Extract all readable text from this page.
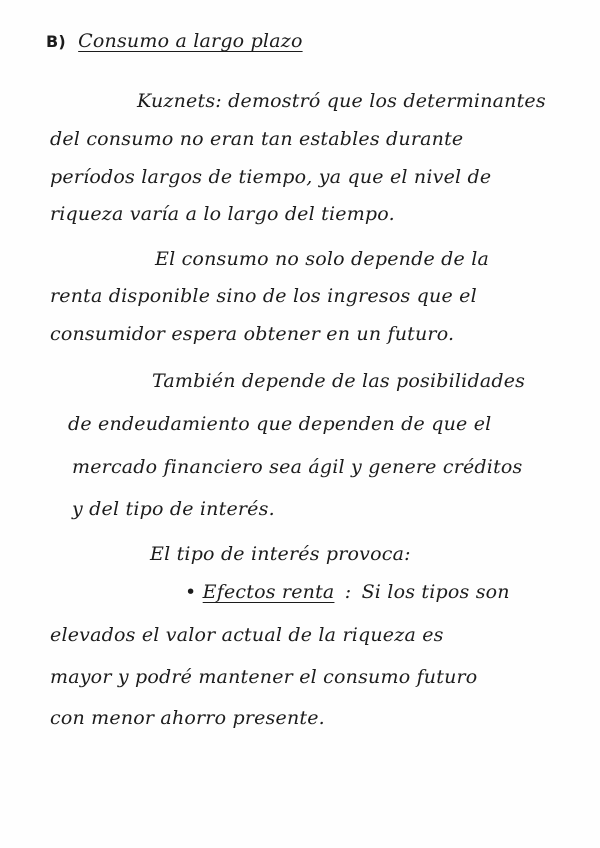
B) Consumo a largo plazo
Kuznets: demostró que los determinantes
del consumo no eran tan estables durante
períodos largos de tiempo, ya que el nivel de
riqueza varía a lo largo del tiempo.
El consumo no solo depende de la
renta disponible sino de los ingresos que el
consumidor espera obtener en un futuro.
También depende de las posibilidades
de endeudamiento que dependen de que el
mercado financiero sea ágil y genere créditos
y del tipo de interés.
El tipo de interés provoca:
• Efectos renta : Si los tipos son
elevados el valor actual de la riqueza es
mayor y podré mantener el consumo futuro
con menor ahorro presente.
